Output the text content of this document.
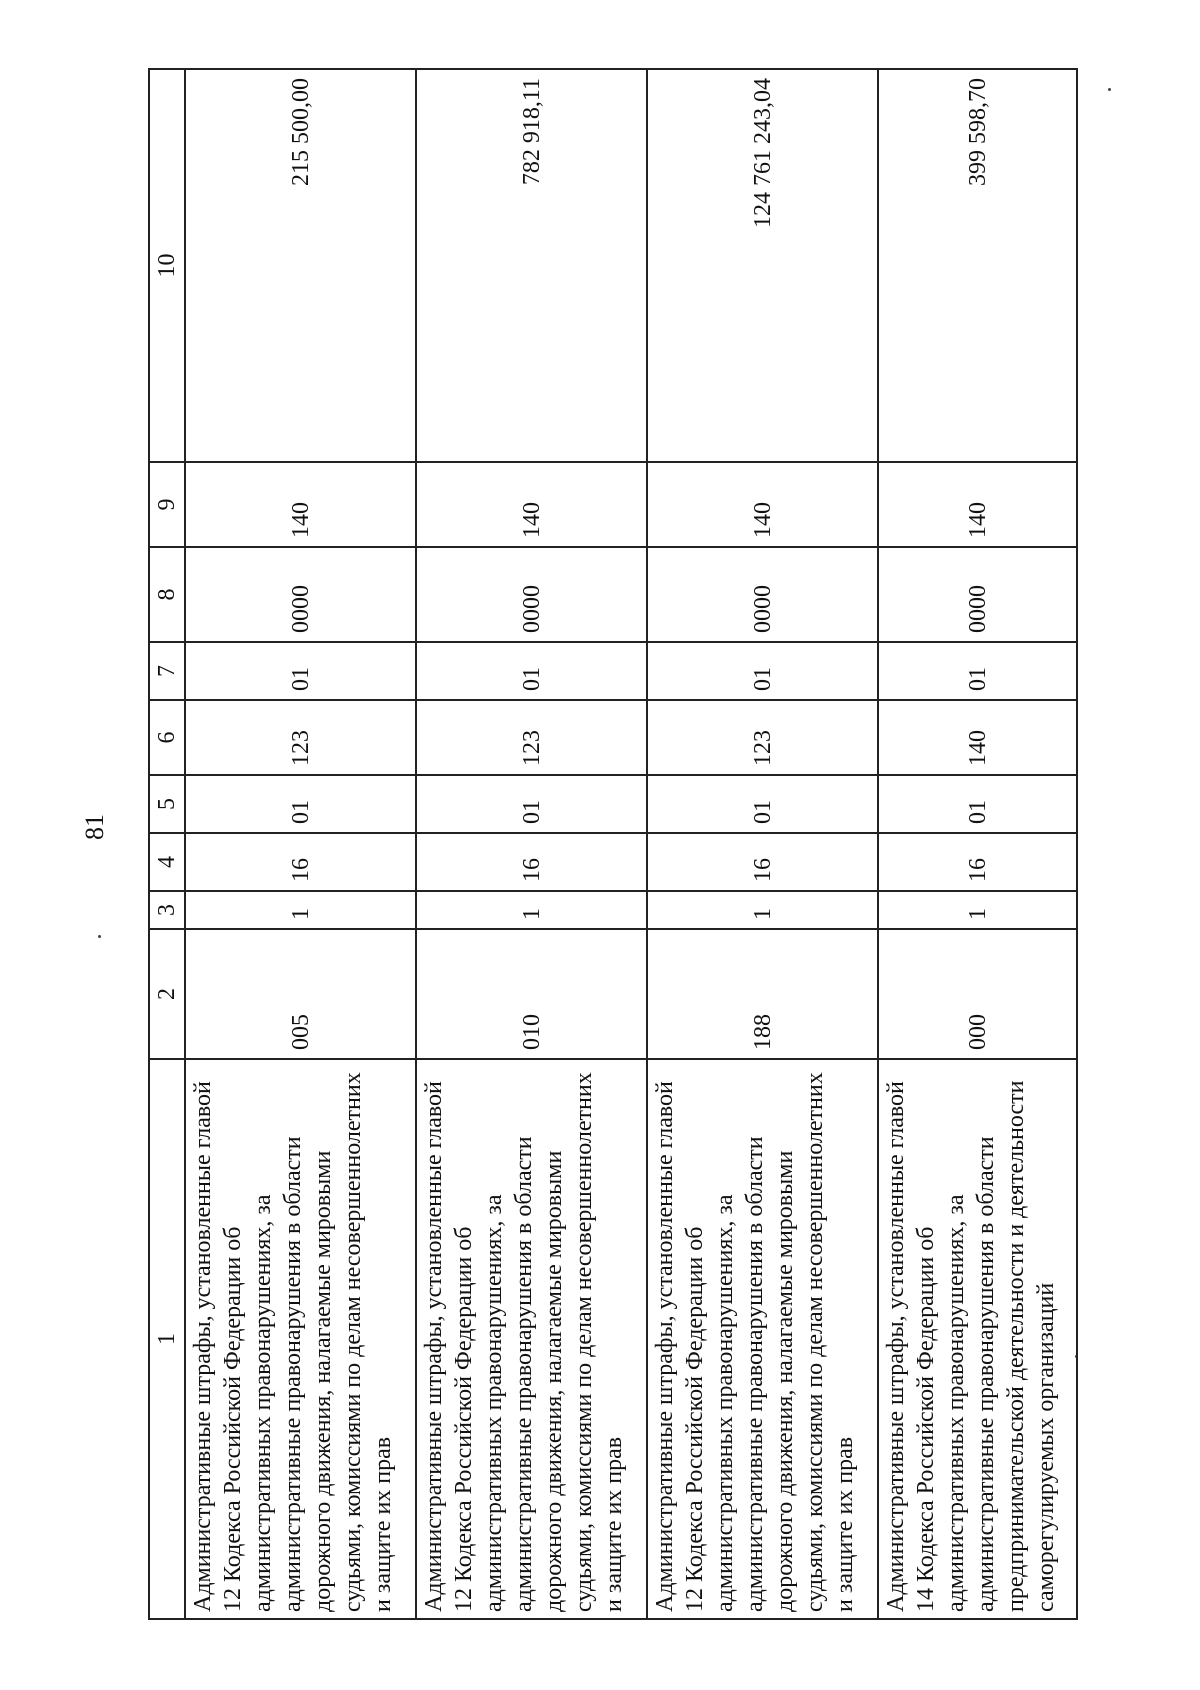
81
1	2	3	4	5	6	7	8	9	10
Административные штрафы, установленные главой 12 Кодекса Российской Федерации об административных правонарушениях, за административные правонарушения в области дорожного движения, налагаемые мировыми судьями, комиссиями по делам несовершеннолетних и защите их прав	005	1	16	01	123	01	0000	140	215 500,00
Административные штрафы, установленные главой 12 Кодекса Российской Федерации об административных правонарушениях, за административные правонарушения в области дорожного движения, налагаемые мировыми судьями, комиссиями по делам несовершеннолетних и защите их прав	010	1	16	01	123	01	0000	140	782 918,11
Административные штрафы, установленные главой 12 Кодекса Российской Федерации об административных правонарушениях, за административные правонарушения в области дорожного движения, налагаемые мировыми судьями, комиссиями по делам несовершеннолетних и защите их прав	188	1	16	01	123	01	0000	140	124 761 243,04
Административные штрафы, установленные главой 14 Кодекса Российской Федерации об административных правонарушениях, за административные правонарушения в области предпринимательской деятельности и деятельности саморегулируемых организаций	000	1	16	01	140	01	0000	140	399 598,70
